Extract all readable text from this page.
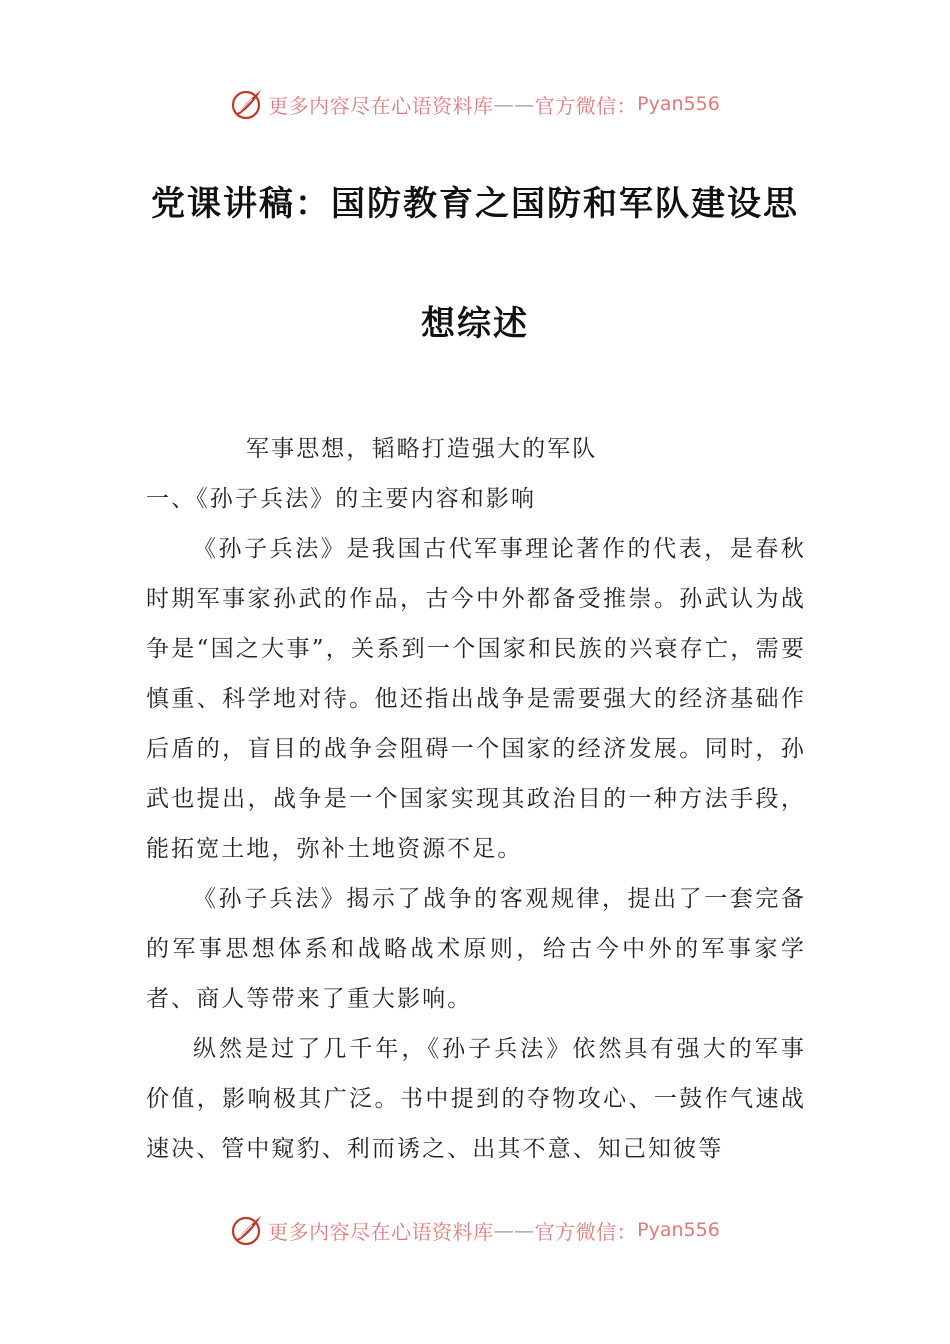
更多内容尽在心语资料库 —— 官方微信： Pyan556
党课讲稿：国防教育之国防和军队建设思
想综述

军事思想，韬略打造强大的军队

一、《孙子兵法》的主要内容和影响

《孙子兵法》是我国古代军事理论著作的代表，是春秋时期军事家孙武的作品，古今中外都备受推崇。孙武认为战争是“国之大事”，关系到一个国家和民族的兴衰存亡，需要慎重、科学地对待。他还指出战争是需要强大的经济基础作后盾的，盲目的战争会阻碍一个国家的经济发展。同时，孙武也提出，战争是一个国家实现其政治目的一种方法手段，能拓宽土地，弥补土地资源不足。

《孙子兵法》揭示了战争的客观规律，提出了一套完备的军事思想体系和战略战术原则，给古今中外的军事家学者、商人等带来了重大影响。

纵然是过了几千年，《孙子兵法》依然具有强大的军事价值，影响极其广泛。书中提到的夺物攻心、一鼓作气速战速决、管中窥豹、利而诱之、出其不意、知己知彼等

更多内容尽在心语资料库 —— 官方微信： Pyan556
